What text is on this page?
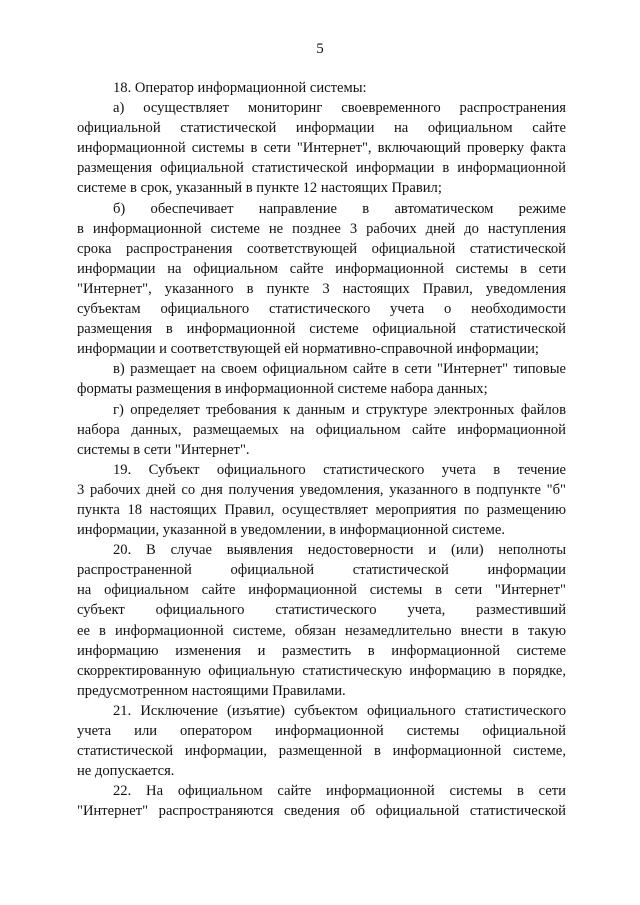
5
18. Оператор информационной системы:
а) осуществляет мониторинг своевременного распространения
официальной статистической информации на официальном сайте
информационной системы в сети "Интернет", включающий проверку факта
размещения официальной статистической информации в информационной
системе в срок, указанный в пункте 12 настоящих Правил;
б) обеспечивает направление в автоматическом режиме
в информационной системе не позднее 3 рабочих дней до наступления
срока распространения соответствующей официальной статистической
информации на официальном сайте информационной системы в сети
"Интернет", указанного в пункте 3 настоящих Правил, уведомления
субъектам официального статистического учета о необходимости
размещения в информационной системе официальной статистической
информации и соответствующей ей нормативно-справочной информации;
в) размещает на своем официальном сайте в сети "Интернет" типовые
форматы размещения в информационной системе набора данных;
г) определяет требования к данным и структуре электронных файлов
набора данных, размещаемых на официальном сайте информационной
системы в сети "Интернет".
19. Субъект официального статистического учета в течение
3 рабочих дней со дня получения уведомления, указанного в подпункте "б"
пункта 18 настоящих Правил, осуществляет мероприятия по размещению
информации, указанной в уведомлении, в информационной системе.
20. В случае выявления недостоверности и (или) неполноты
распространенной официальной статистической информации
на официальном сайте информационной системы в сети "Интернет"
субъект официального статистического учета, разместивший
ее в информационной системе, обязан незамедлительно внести в такую
информацию изменения и разместить в информационной системе
скорректированную официальную статистическую информацию в порядке,
предусмотренном настоящими Правилами.
21. Исключение (изъятие) субъектом официального статистического
учета или оператором информационной системы официальной
статистической информации, размещенной в информационной системе,
не допускается.
22. На официальном сайте информационной системы в сети
"Интернет" распространяются сведения об официальной статистической
